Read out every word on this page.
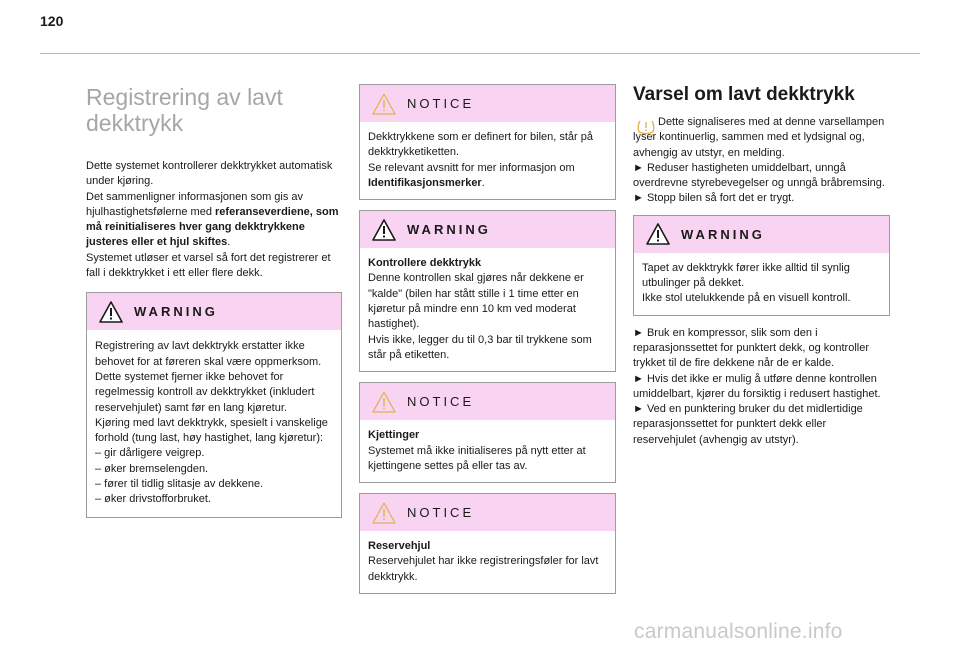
120
Registrering av lavt dekktrykk

Dette systemet kontrollerer dekktrykket automatisk under kjøring.

Det sammenligner informasjonen som gis av hjulhastighetsfølerne med referanseverdiene, som må reinitialiseres hver gang dekktrykkene justeres eller et hjul skiftes.

Systemet utløser et varsel så fort det registrerer et fall i dekktrykket i ett eller flere dekk.

WARNING

Registrering av lavt dekktrykk erstatter ikke behovet for at føreren skal være oppmerksom.

Dette systemet fjerner ikke behovet for regelmessig kontroll av dekktrykket (inkludert reservehjulet) samt før en lang kjøretur.

Kjøring med lavt dekktrykk, spesielt i vanskelige forhold (tung last, høy hastighet, lang kjøretur):

– gir dårligere veigrep.

– øker bremselengden.

– fører til tidlig slitasje av dekkene.

– øker drivstofforbruket.

NOTICE

Dekktrykkene som er definert for bilen, står på dekktrykketiketten.

Se relevant avsnitt for mer informasjon om Identifikasjonsmerker.

WARNING

Kontrollere dekktrykk

Denne kontrollen skal gjøres når dekkene er "kalde" (bilen har stått stille i 1 time etter en kjøretur på mindre enn 10 km ved moderat hastighet).

Hvis ikke, legger du til 0,3 bar til trykkene som står på etiketten.

NOTICE

Kjettinger

Systemet må ikke initialiseres på nytt etter at kjettingene settes på eller tas av.

NOTICE

Reservehjul

Reservehjulet har ikke registreringsføler for lavt dekktrykk.

Varsel om lavt dekktrykk

Dette signaliseres med at denne varsellampen lyser kontinuerlig, sammen med et lydsignal og, avhengig av utstyr, en melding.

► Reduser hastigheten umiddelbart, unngå overdrevne styrebevegelser og unngå bråbremsing.

► Stopp bilen så fort det er trygt.

WARNING

Tapet av dekktrykk fører ikke alltid til synlig utbulinger på dekket.

Ikke stol utelukkende på en visuell kontroll.

► Bruk en kompressor, slik som den i reparasjonssettet for punktert dekk, og kontroller trykket til de fire dekkene når de er kalde.

► Hvis det ikke er mulig å utføre denne kontrollen umiddelbart, kjører du forsiktig i redusert hastighet.

► Ved en punktering bruker du det midlertidige reparasjonssettet for punktert dekk eller reservehjulet (avhengig av utstyr).

carmanualsonline.info
